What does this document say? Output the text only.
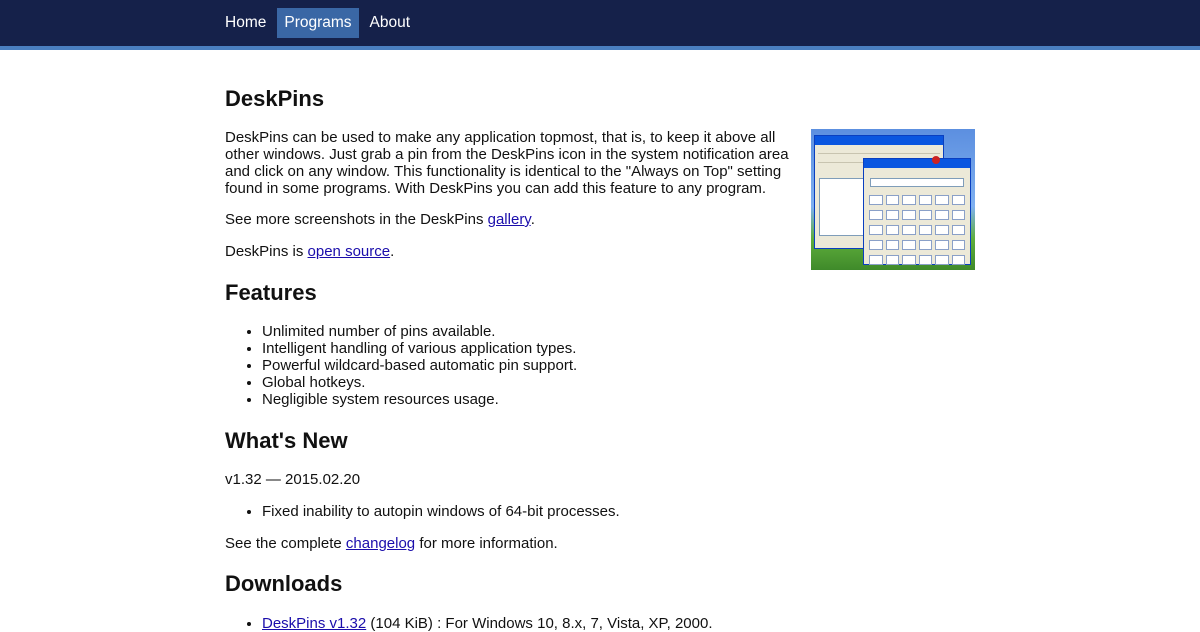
Home	Programs	About
DeskPins

DeskPins can be used to make any application topmost, that is, to keep it above all other windows. Just grab a pin from the DeskPins icon in the system notification area and click on any window. This functionality is identical to the "Always on Top" setting found in some programs. With DeskPins you can add this feature to any program.

See more screenshots in the DeskPins gallery.

DeskPins is open source.

Features
• Unlimited number of pins available.
• Intelligent handling of various application types.
• Powerful wildcard-based automatic pin support.
• Global hotkeys.
• Negligible system resources usage.
What's New

v1.32 — 2015.02.20

• Fixed inability to autopin windows of 64-bit processes.

See the complete changelog for more information.

Downloads
• DeskPins v1.32 (104 KiB) : For Windows 10, 8.x, 7, Vista, XP, 2000.
